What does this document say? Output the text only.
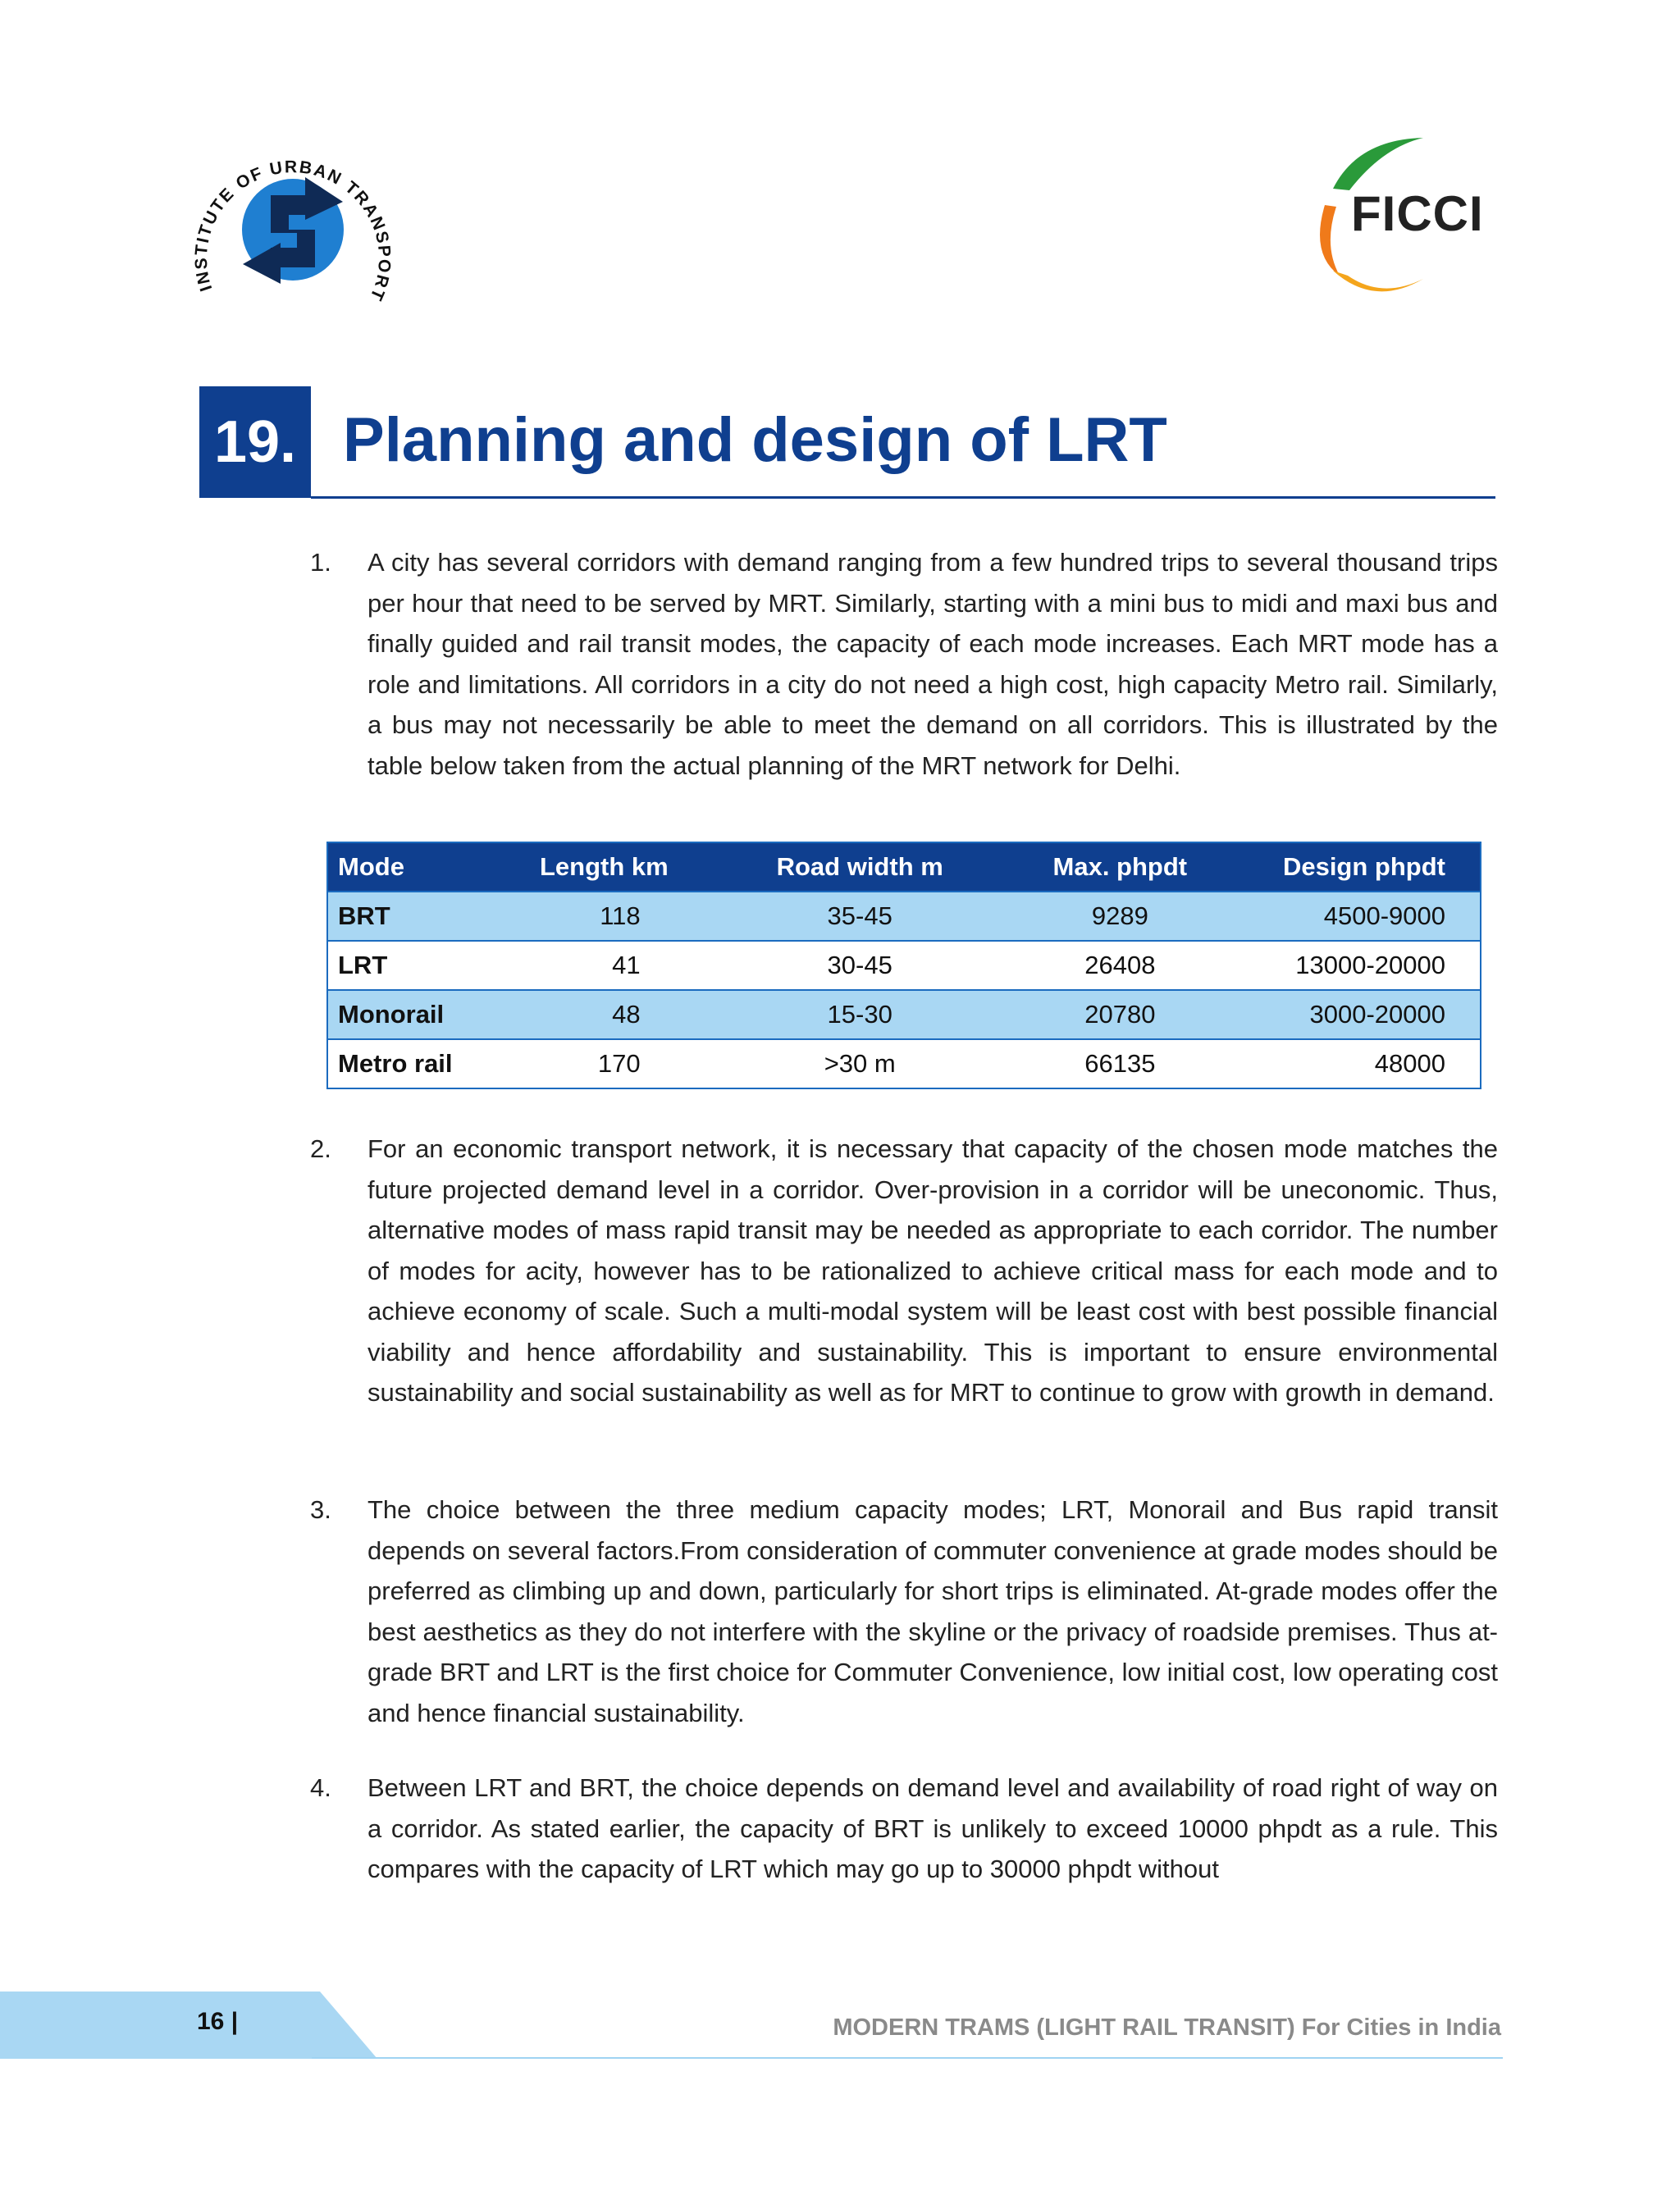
INSTITUTE OF URBAN TRANSPORT
FICCI
19. Planning and design of LRT
1.	A city has several corridors with demand ranging from a few hundred trips to several thousand trips per hour that need to be served by MRT. Similarly, starting with a mini bus to midi and maxi bus and finally guided and rail transit modes, the capacity of each mode increases. Each MRT mode has a role and limitations. All corridors in a city do not need a high cost, high capacity Metro rail. Similarly, a bus may not necessarily be able to meet the demand on all corridors. This is illustrated by the table below taken from the actual planning of the MRT network for Delhi.
Mode	Length km	Road width m	Max. phpdt	Design phpdt
BRT	118	35-45	9289	4500-9000
LRT	41	30-45	26408	13000-20000
Monorail	48	15-30	20780	3000-20000
Metro rail	170	>30 m	66135	48000
2.	For an economic transport network, it is necessary that capacity of the chosen mode matches the future projected demand level in a corridor. Over-provision in a corridor will be uneconomic. Thus, alternative modes of mass rapid transit may be needed as appropriate to each corridor. The number of modes for acity, however has to be rationalized to achieve critical mass for each mode and to achieve economy of scale. Such a multi-modal system will be least cost with best possible financial viability and hence affordability and sustainability. This is important to ensure environmental sustainability and social sustainability as well as for MRT to continue to grow with growth in demand.
3.	The choice between the three medium capacity modes; LRT, Monorail and Bus rapid transit depends on several factors.From consideration of commuter convenience at grade modes should be preferred as climbing up and down, particularly for short trips is eliminated. At-grade modes offer the best aesthetics as they do not interfere with the skyline or the privacy of roadside premises. Thus at-grade BRT and LRT is the first choice for Commuter Convenience, low initial cost, low operating cost and hence financial sustainability.
4.	Between LRT and BRT, the choice depends on demand level and availability of road right of way on a corridor. As stated earlier, the capacity of BRT is unlikely to exceed 10000 phpdt as a rule. This compares with the capacity of LRT which may go up to 30000 phpdt without
16 |	MODERN TRAMS (LIGHT RAIL TRANSIT) For Cities in India
